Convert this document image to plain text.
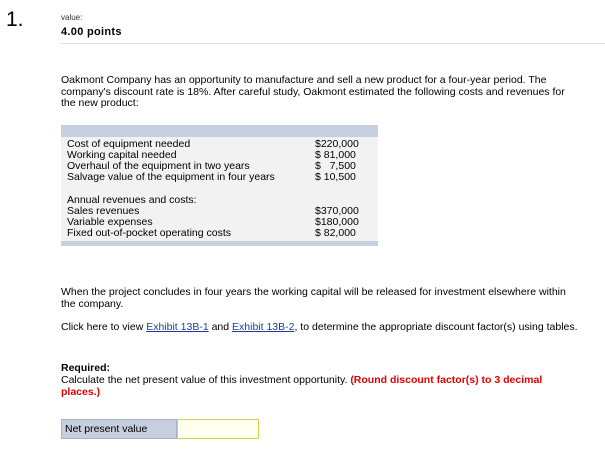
1.	value:
4.00 points
Oakmont Company has an opportunity to manufacture and sell a new product for a four-year period. The company's discount rate is 18%. After careful study, Oakmont estimated the following costs and revenues for the new product:

Cost of equipment needed	$220,000
Working capital needed	$ 81,000
Overhaul of the equipment in two years	$   7,500
Salvage value of the equipment in four years	$ 10,500

Annual revenues and costs:	
Sales revenues	$370,000
Variable expenses	$180,000
Fixed out-of-pocket operating costs	$ 82,000

When the project concludes in four years the working capital will be released for investment elsewhere within the company.
Click here to view Exhibit 13B-1 and Exhibit 13B-2, to determine the appropriate discount factor(s) using tables.
Required:
Calculate the net present value of this investment opportunity. (Round discount factor(s) to 3 decimal places.)
Net present value
